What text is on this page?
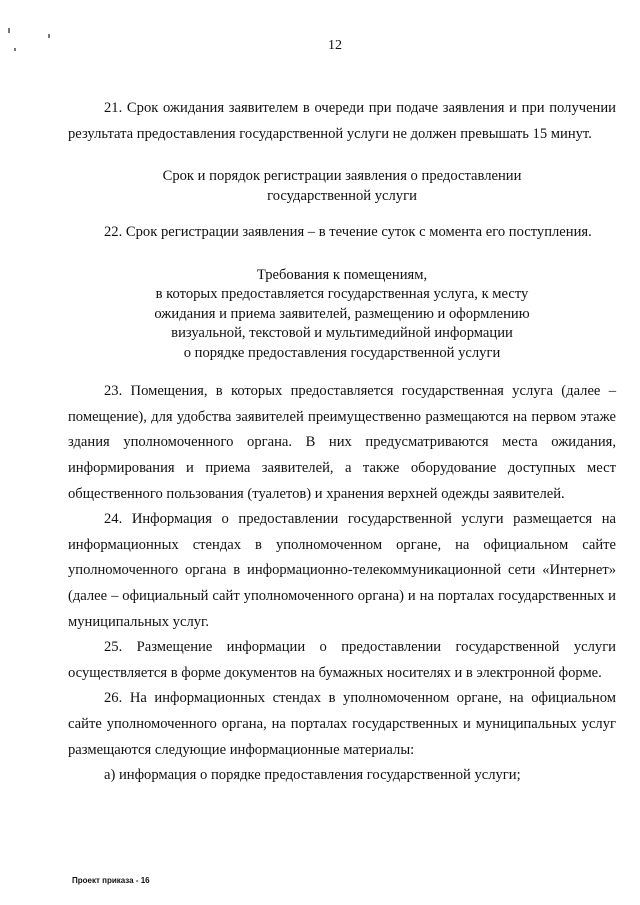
12

21. Срок ожидания заявителем в очереди при подаче заявления и при получении результата предоставления государственной услуги не должен превышать 15 минут.

Срок и порядок регистрации заявления о предоставлении
государственной услуги

22. Срок регистрации заявления – в течение суток с момента его поступления.

Требования к помещениям,
в которых предоставляется государственная услуга, к месту
ожидания и приема заявителей, размещению и оформлению
визуальной, текстовой и мультимедийной информации
о порядке предоставления государственной услуги

23. Помещения, в которых предоставляется государственная услуга (далее – помещение), для удобства заявителей преимущественно размещаются на первом этаже здания уполномоченного органа. В них предусматриваются места ожидания, информирования и приема заявителей, а также оборудование доступных мест общественного пользования (туалетов) и хранения верхней одежды заявителей.

24. Информация о предоставлении государственной услуги размещается на информационных стендах в уполномоченном органе, на официальном сайте уполномоченного органа в информационно-телекоммуникационной сети «Интернет» (далее – официальный сайт уполномоченного органа) и на порталах государственных и муниципальных услуг.

25. Размещение информации о предоставлении государственной услуги осуществляется в форме документов на бумажных носителях и в электронной форме.

26. На информационных стендах в уполномоченном органе, на официальном сайте уполномоченного органа, на порталах государственных и муниципальных услуг размещаются следующие информационные материалы:

а) информация о порядке предоставления государственной услуги;

Проект приказа - 16
